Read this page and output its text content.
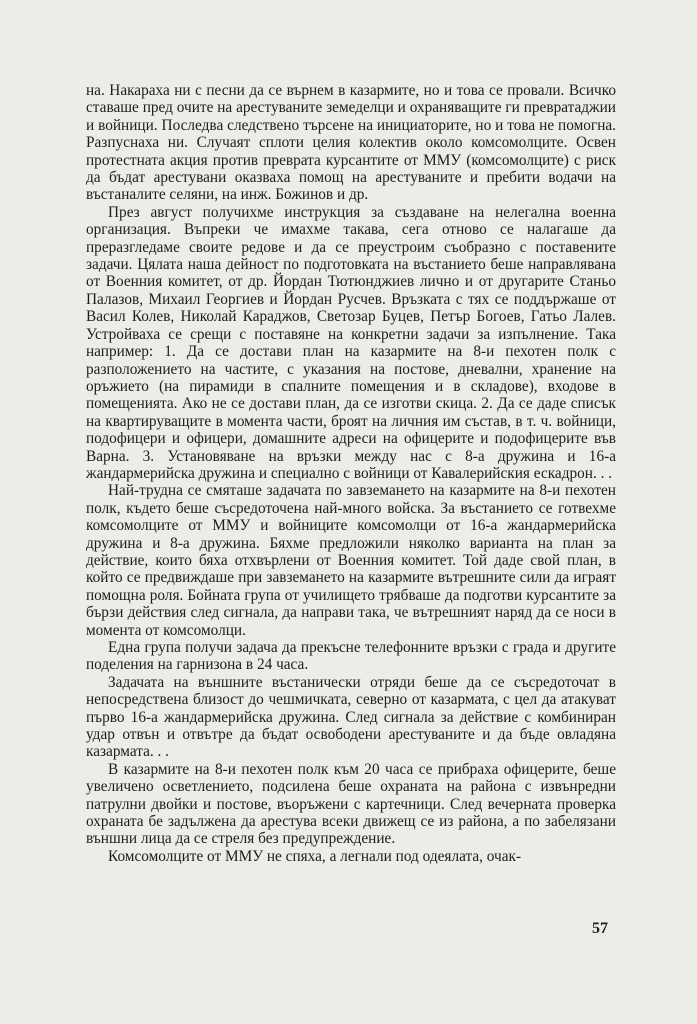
на. Накараха ни с песни да се върнем в казармите, но и това се провали. Всичко ставаше пред очите на арестуваните земеделци и охраняващите ги превратаджии и войници. Последва следствено търсене на инициаторите, но и това не помогна. Разпуснаха ни. Случаят сплоти целия колектив около комсомолците. Освен протестната акция против преврата курсантите от ММУ (комсомолците) с риск да бъдат арестувани оказваха помощ на арестуваните и пребити водачи на въстаналите селяни, на инж. Божинов и др.

През август получихме инструкция за създаване на нелегална военна организация. Въпреки че имахме такава, сега отново се налагаше да преразгледаме своите редове и да се преустроим съобразно с поставените задачи. Цялата наша дейност по подготовката на въстанието беше направлявана от Военния комитет, от др. Йордан Тютюнджиев лично и от другарите Станьо Палазов, Михаил Георгиев и Йордан Русчев. Връзката с тях се поддържаше от Васил Колев, Николай Караджов, Светозар Буцев, Петър Богоев, Гатьо Лалев. Устройваха се срещи с поставяне на конкретни задачи за изпълнение. Така например: 1. Да се достави план на казармите на 8-и пехотен полк с разположението на частите, с указания на постове, дневални, хранение на оръжието (на пирамиди в спалните помещения и в складове), входове в помещенията. Ако не се достави план, да се изготви скица. 2. Да се даде списък на квартируващите в момента части, броят на личния им състав, в т. ч. войници, подофицери и офицери, домашните адреси на офицерите и подофицерите във Варна. 3. Установяване на връзки между нас с 8-а дружина и 16-а жандармерийска дружина и специално с войници от Кавалерийския ескадрон. . .

Най-трудна се смяташе задачата по завземането на казармите на 8-и пехотен полк, където беше съсредоточена най-много войска. За въстанието се готвехме комсомолците от ММУ и войниците комсомолци от 16-а жандармерийска дружина и 8-а дружина. Бяхме предложили няколко варианта на план за действие, които бяха отхвърлени от Военния комитет. Той даде свой план, в който се предвиждаше при завземането на казармите вътрешните сили да играят помощна роля. Бойната група от училището трябваше да подготви курсантите за бързи действия след сигнала, да направи така, че вътрешният наряд да се носи в момента от комсомолци.

Една група получи задача да прекъсне телефонните връзки с града и другите поделения на гарнизона в 24 часа.

Задачата на външните въстанически отряди беше да се съсредоточат в непосредствена близост до чешмичката, северно от казармата, с цел да атакуват първо 16-а жандармерийска дружина. След сигнала за действие с комбиниран удар отвън и отвътре да бъдат освободени арестуваните и да бъде овладяна казармата. . .

В казармите на 8-и пехотен полк към 20 часа се прибраха офицерите, беше увеличено осветлението, подсилена беше охраната на района с извънредни патрулни двойки и постове, въоръжени с картечници. След вечерната проверка охраната бе задължена да арестува всеки движещ се из района, а по забелязани външни лица да се стреля без предупреждение.

Комсомолците от ММУ не спяха, а легнали под одеялата, очак-

57
